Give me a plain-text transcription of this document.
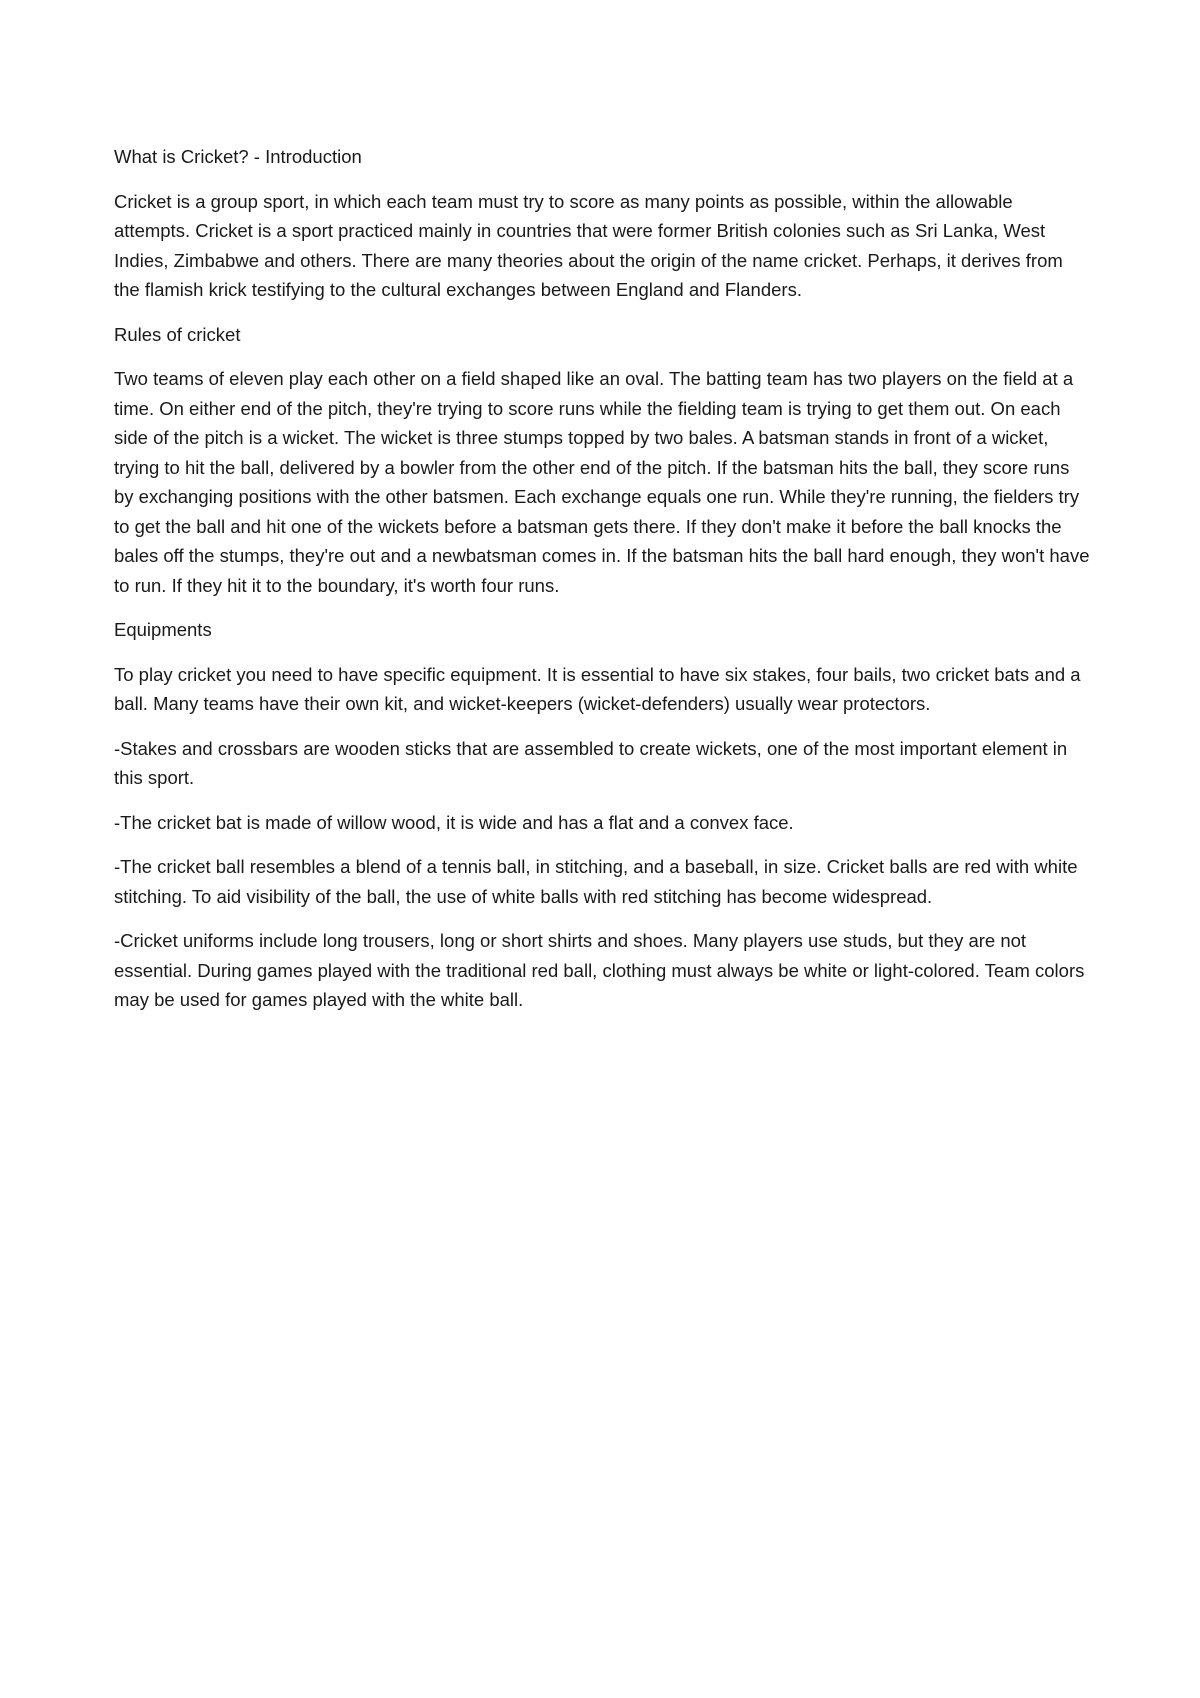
What is Cricket? - Introduction

Cricket is a group sport, in which each team must try to score as many points as possible, within the allowable attempts. Cricket is a sport practiced mainly in countries that were former British colonies such as Sri Lanka, West Indies, Zimbabwe and others. There are many theories about the origin of the name cricket. Perhaps, it derives from the flamish krick testifying to the cultural exchanges between England and Flanders.

Rules of cricket

Two teams of eleven play each other on a field shaped like an oval. The batting team has two players on the field at a time. On either end of the pitch, they're trying to score runs while the fielding team is trying to get them out. On each side of the pitch is a wicket. The wicket is three stumps topped by two bales. A batsman stands in front of a wicket, trying to hit the ball, delivered by a bowler from the other end of the pitch. If the batsman hits the ball, they score runs by exchanging positions with the other batsmen. Each exchange equals one run. While they're running, the fielders try to get the ball and hit one of the wickets before a batsman gets there. If they don't make it before the ball knocks the bales off the stumps, they're out and a newbatsman comes in. If the batsman hits the ball hard enough, they won't have to run. If they hit it to the boundary, it's worth four runs.

Equipments

To play cricket you need to have specific equipment. It is essential to have six stakes, four bails, two cricket bats and a ball. Many teams have their own kit, and wicket-keepers (wicket-defenders) usually wear protectors.

-Stakes and crossbars are wooden sticks that are assembled to create wickets, one of the most important element in this sport.

-The cricket bat is made of willow wood, it is wide and has a flat and a convex face.

-The cricket ball resembles a blend of a tennis ball, in stitching, and a baseball, in size. Cricket balls are red with white stitching. To aid visibility of the ball, the use of white balls with red stitching has become widespread.

-Cricket uniforms include long trousers, long or short shirts and shoes. Many players use studs, but they are not essential. During games played with the traditional red ball, clothing must always be white or light-colored. Team colors may be used for games played with the white ball.
